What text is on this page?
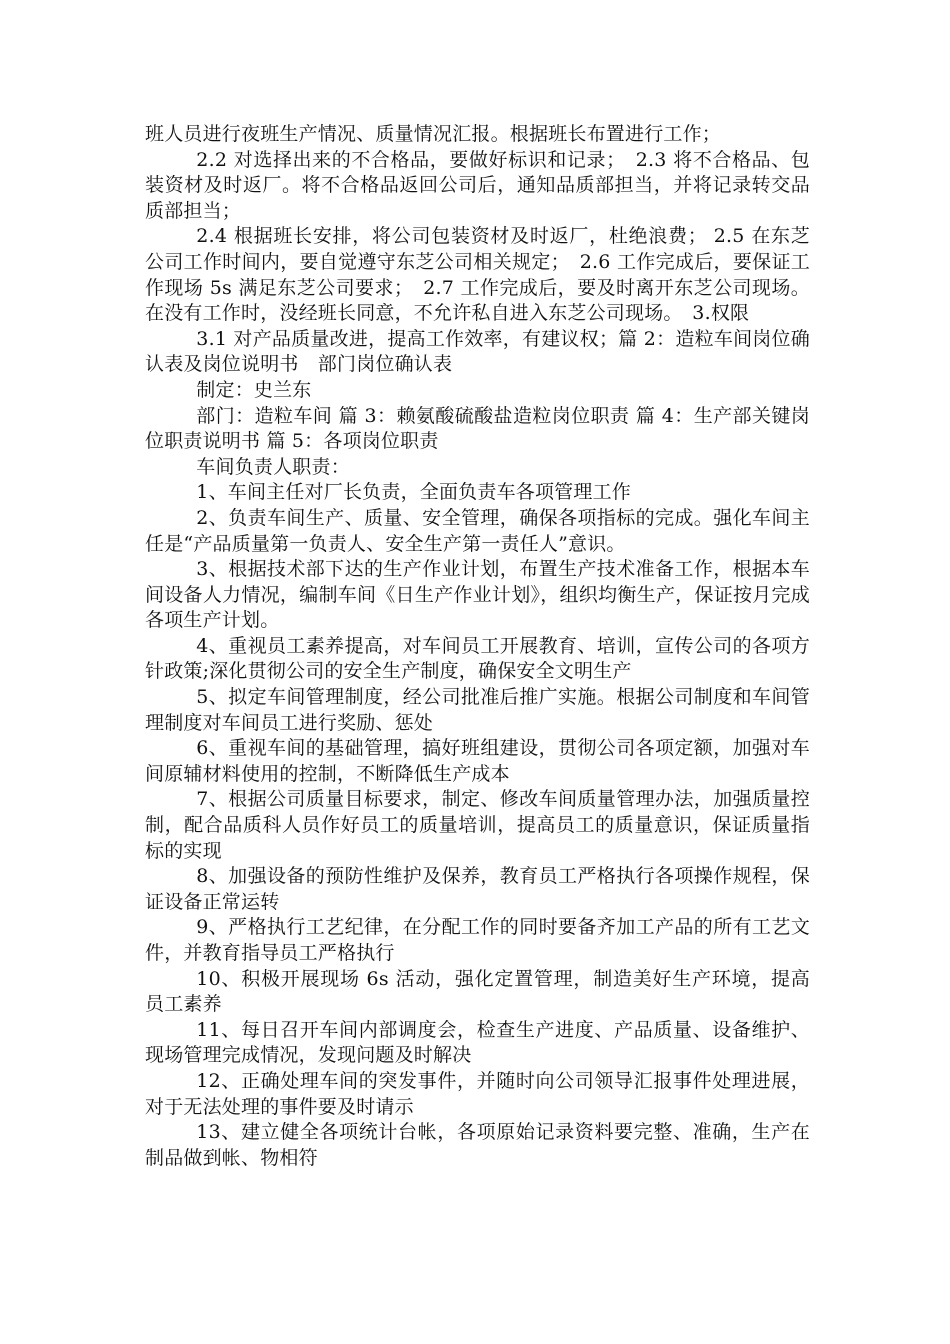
班人员进行夜班生产情况、质量情况汇报。根据班长布置进行工作；

2.2 对选择出来的不合格品，要做好标识和记录；　2.3 将不合格品、包装资材及时返厂。将不合格品返回公司后，通知品质部担当，并将记录转交品质部担当；

2.4 根据班长安排，将公司包装资材及时返厂，杜绝浪费； 2.5 在东芝公司工作时间内，要自觉遵守东芝公司相关规定；　2.6 工作完成后，要保证工作现场 5s 满足东芝公司要求；　2.7 工作完成后，要及时离开东芝公司现场。在没有工作时，没经班长同意，不允许私自进入东芝公司现场。　3.权限

3.1 对产品质量改进，提高工作效率，有建议权；篇 2：造粒车间岗位确认表及岗位说明书　部门岗位确认表

制定：史兰东

部门：造粒车间 篇 3：赖氨酸硫酸盐造粒岗位职责 篇 4：生产部关键岗位职责说明书 篇 5：各项岗位职责

车间负责人职责：

1、车间主任对厂长负责，全面负责车各项管理工作

2、负责车间生产、质量、安全管理，确保各项指标的完成。强化车间主任是“产品质量第一负责人、安全生产第一责任人”意识。

3、根据技术部下达的生产作业计划，布置生产技术准备工作，根据本车间设备人力情况，编制车间《日生产作业计划》，组织均衡生产，保证按月完成各项生产计划。

4、重视员工素养提高，对车间员工开展教育、培训，宣传公司的各项方针政策;深化贯彻公司的安全生产制度，确保安全文明生产

5、拟定车间管理制度，经公司批准后推广实施。根据公司制度和车间管理制度对车间员工进行奖励、惩处

6、重视车间的基础管理，搞好班组建设，贯彻公司各项定额，加强对车间原辅材料使用的控制，不断降低生产成本

7、根据公司质量目标要求，制定、修改车间质量管理办法，加强质量控制，配合品质科人员作好员工的质量培训，提高员工的质量意识，保证质量指标的实现

8、加强设备的预防性维护及保养，教育员工严格执行各项操作规程，保证设备正常运转

9、严格执行工艺纪律，在分配工作的同时要备齐加工产品的所有工艺文件，并教育指导员工严格执行

10、积极开展现场 6s 活动，强化定置管理，制造美好生产环境，提高员工素养

11、每日召开车间内部调度会，检查生产进度、产品质量、设备维护、现场管理完成情况，发现问题及时解决

12、正确处理车间的突发事件，并随时向公司领导汇报事件处理进展，对于无法处理的事件要及时请示

13、建立健全各项统计台帐，各项原始记录资料要完整、准确，生产在制品做到帐、物相符
